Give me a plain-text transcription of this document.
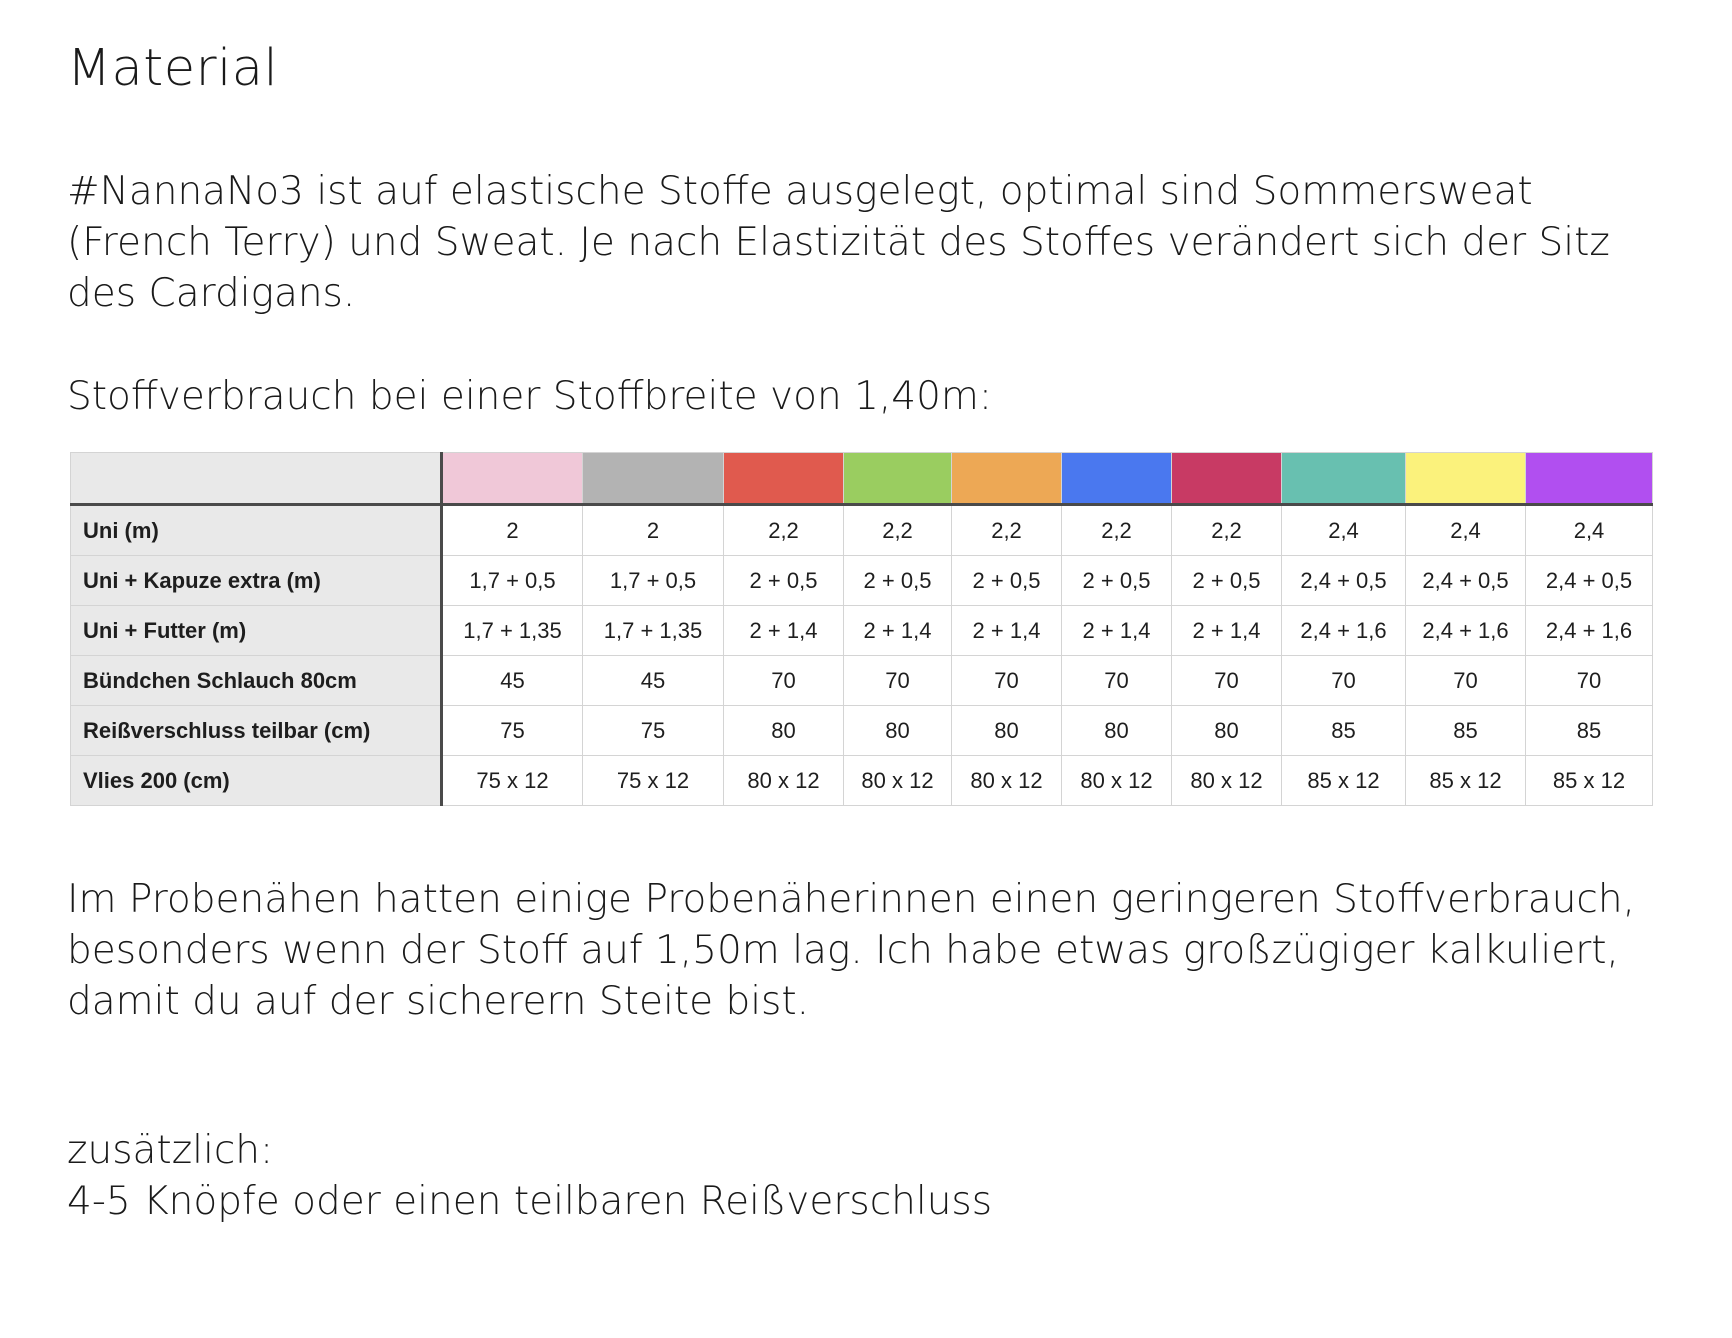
Material

#NannaNo3 ist auf elastische Stoffe ausgelegt, optimal sind Sommersweat
(French Terry) und Sweat. Je nach Elastizität des Stoffes verändert sich der Sitz
des Cardigans.

Stoffverbrauch bei einer Stoffbreite von 1,40m:

Uni (m)	2	2	2,2	2,2	2,2	2,2	2,2	2,4	2,4	2,4
Uni + Kapuze extra (m)	1,7 + 0,5	1,7 + 0,5	2 + 0,5	2 + 0,5	2 + 0,5	2 + 0,5	2 + 0,5	2,4 + 0,5	2,4 + 0,5	2,4 + 0,5
Uni + Futter (m)	1,7 + 1,35	1,7 + 1,35	2 + 1,4	2 + 1,4	2 + 1,4	2 + 1,4	2 + 1,4	2,4 + 1,6	2,4 + 1,6	2,4 + 1,6
Bündchen Schlauch 80cm	45	45	70	70	70	70	70	70	70	70
Reißverschluss teilbar (cm)	75	75	80	80	80	80	80	85	85	85
Vlies 200 (cm)	75 x 12	75 x 12	80 x 12	80 x 12	80 x 12	80 x 12	80 x 12	85 x 12	85 x 12	85 x 12

Im Probenähen hatten einige Probenäherinnen einen geringeren Stoffverbrauch,
besonders wenn der Stoff auf 1,50m lag. Ich habe etwas großzügiger kalkuliert,
damit du auf der sicherern Steite bist.

zusätzlich:
4-5 Knöpfe oder einen teilbaren Reißverschluss
